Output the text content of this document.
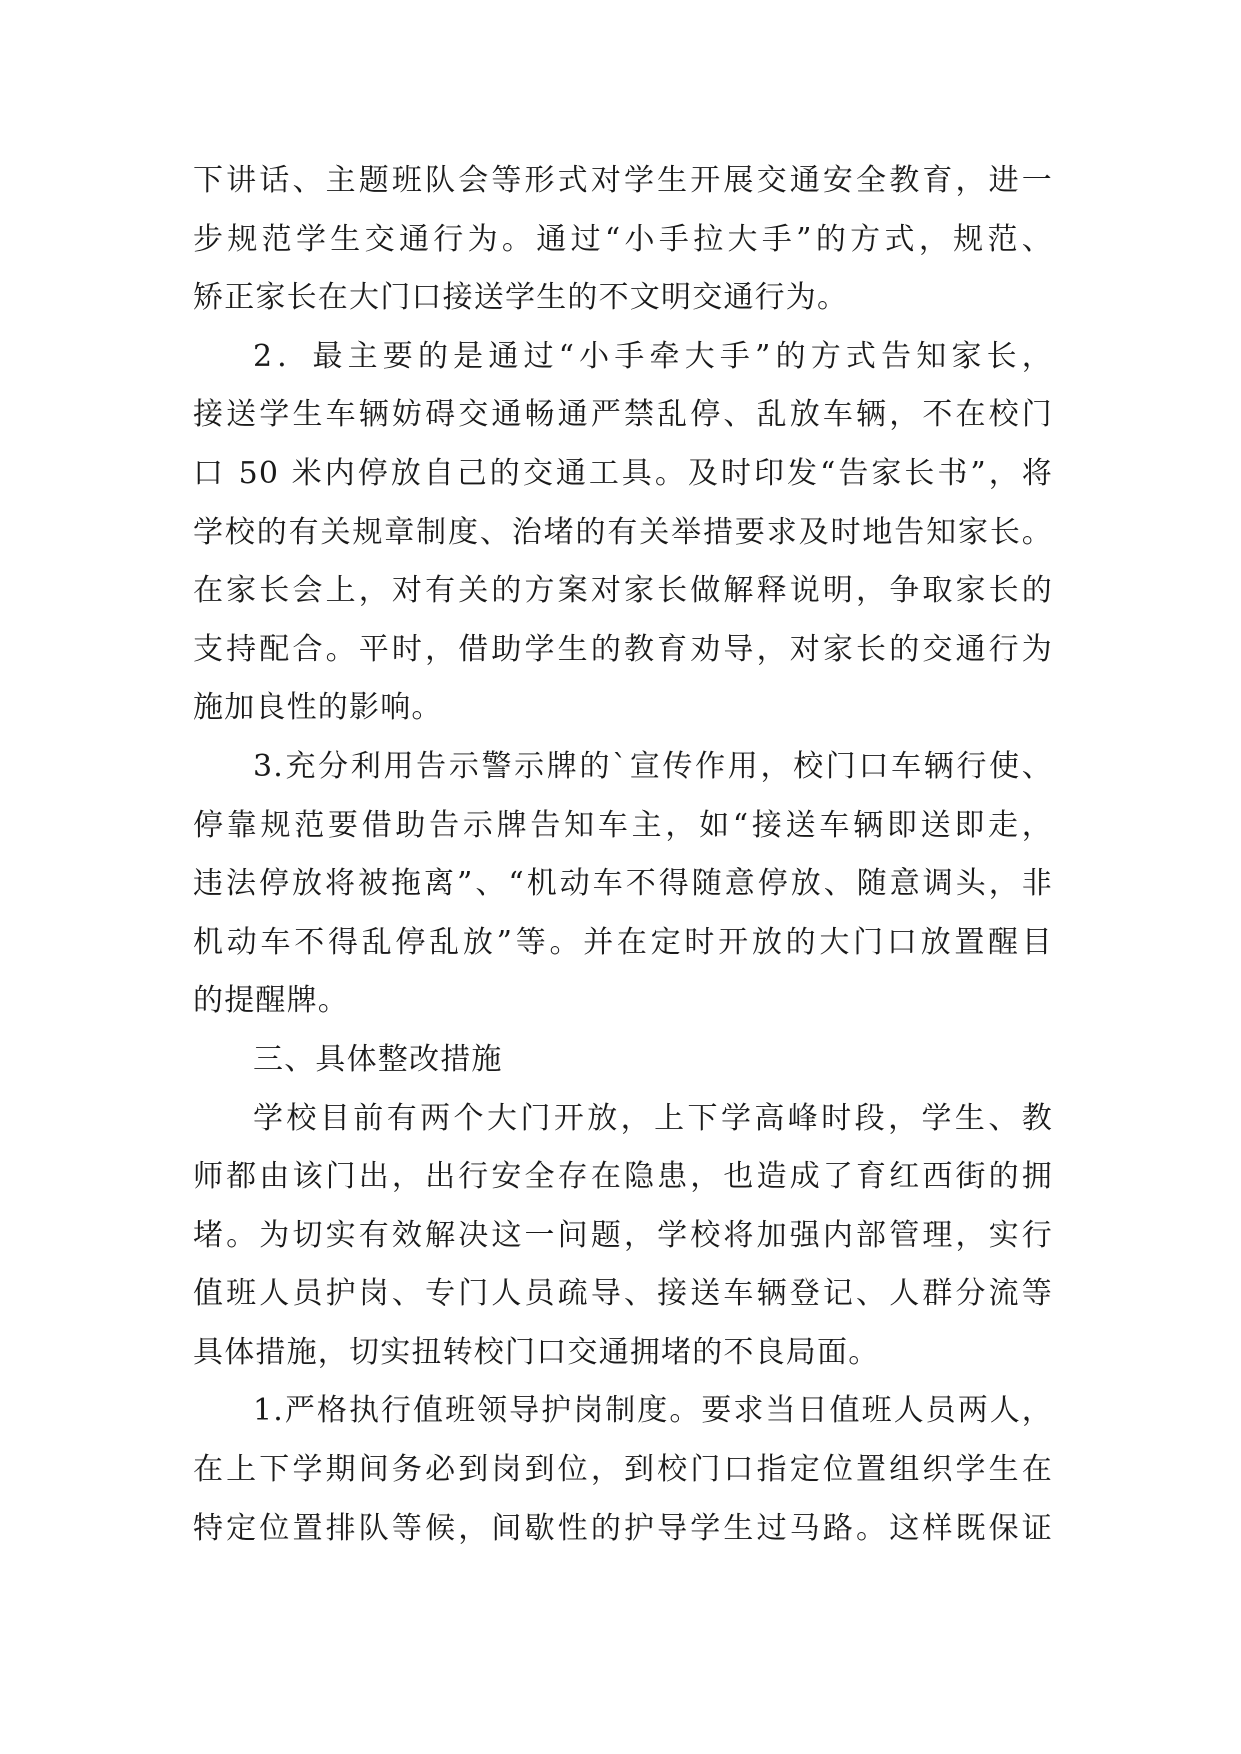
下讲话、主题班队会等形式对学生开展交通安全教育，进一
步规范学生交通行为。通过“小手拉大手”的方式，规范、
矫正家长在大门口接送学生的不文明交通行为。
2．最主要的是通过“小手牵大手”的方式告知家长，
接送学生车辆妨碍交通畅通严禁乱停、乱放车辆，不在校门
口 50 米内停放自己的交通工具。及时印发“告家长书”，将
学校的有关规章制度、治堵的有关举措要求及时地告知家长。
在家长会上，对有关的方案对家长做解释说明，争取家长的
支持配合。平时，借助学生的教育劝导，对家长的交通行为
施加良性的影响。
3.充分利用告示警示牌的`宣传作用，校门口车辆行使、
停靠规范要借助告示牌告知车主，如“接送车辆即送即走，
违法停放将被拖离”、“机动车不得随意停放、随意调头，非
机动车不得乱停乱放”等。并在定时开放的大门口放置醒目
的提醒牌。
三、具体整改措施
学校目前有两个大门开放，上下学高峰时段，学生、教
师都由该门出，出行安全存在隐患，也造成了育红西街的拥
堵。为切实有效解决这一问题，学校将加强内部管理，实行
值班人员护岗、专门人员疏导、接送车辆登记、人群分流等
具体措施，切实扭转校门口交通拥堵的不良局面。
1.严格执行值班领导护岗制度。要求当日值班人员两人，
在上下学期间务必到岗到位，到校门口指定位置组织学生在
特定位置排队等候，间歇性的护导学生过马路。这样既保证
